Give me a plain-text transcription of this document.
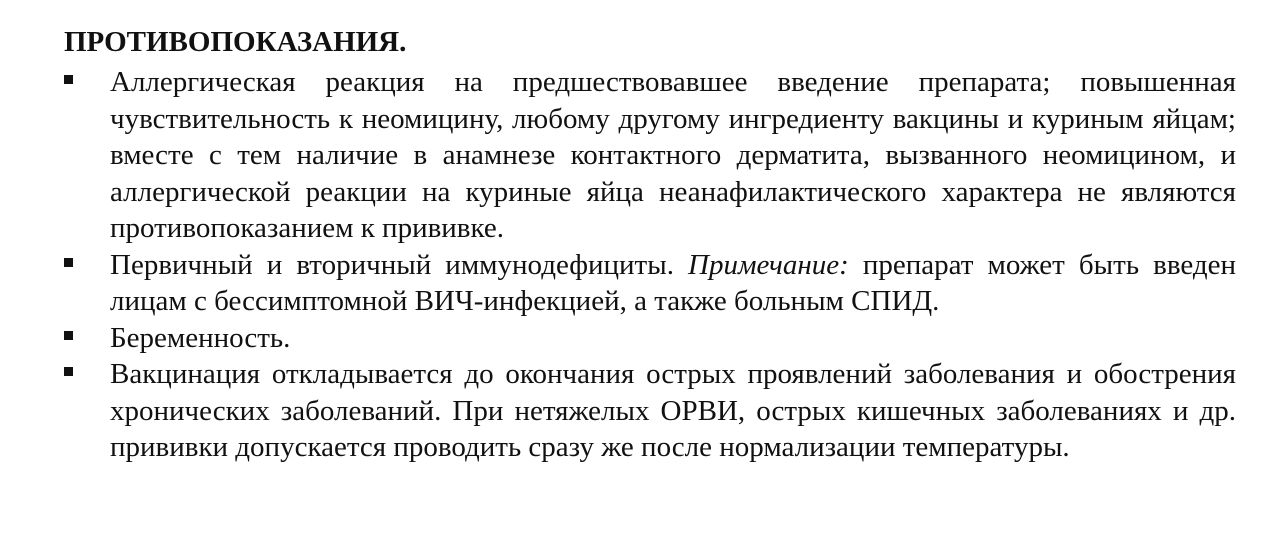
ПРОТИВОПОКАЗАНИЯ.
Аллергическая реакция на предшествовавшее введение препарата; повышенная чувствительность к неомицину, любому другому ингредиенту вакцины и куриным яйцам; вместе с тем наличие в анамнезе контактного дерматита, вызванного неомицином, и аллергической реакции на куриные яйца неанафилактического характера не являются противопоказанием к прививке.
Первичный и вторичный иммунодефициты. Примечание: препарат может быть введен лицам с бессимптомной ВИЧ-инфекцией, а также больным СПИД.
Беременность.
Вакцинация откладывается до окончания острых проявлений заболевания и обострения хронических заболеваний. При нетяжелых ОРВИ, острых кишечных заболеваниях и др. прививки допускается проводить сразу же после нормализации температуры.
